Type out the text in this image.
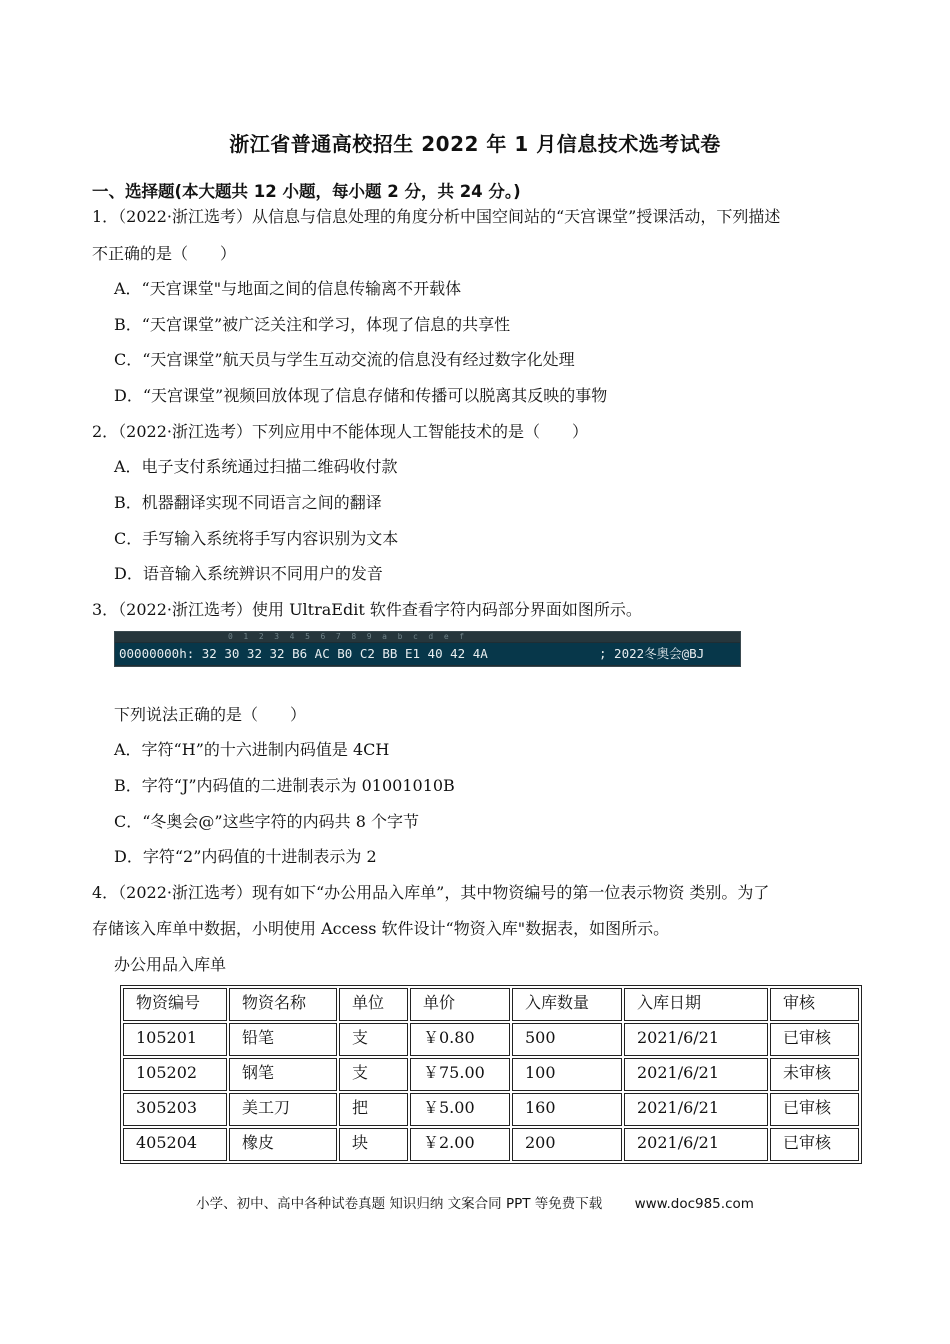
浙江省普通高校招生 2022 年 1 月信息技术选考试卷
一、选择题(本大题共 12 小题，每小题 2 分，共 24 分。)
1．（2022·浙江选考）从信息与信息处理的角度分析中国空间站的“天宫课堂”授课活动，下列描述
不正确的是（　　）
A．“天宫课堂"与地面之间的信息传输离不开载体
B．“天宫课堂”被广泛关注和学习，体现了信息的共享性
C．“天宫课堂”航天员与学生互动交流的信息没有经过数字化处理
D．“天宫课堂”视频回放体现了信息存储和传播可以脱离其反映的事物
2．（2022·浙江选考）下列应用中不能体现人工智能技术的是（　　）
A．电子支付系统通过扫描二维码收付款
B．机器翻译实现不同语言之间的翻译
C．手写输入系统将手写内容识别为文本
D．语音输入系统辨识不同用户的发音
3．（2022·浙江选考）使用 UltraEdit 软件查看字符内码部分界面如图所示。
0123456789abcdef
00000000h: 32 30 32 32 B6 AC B0 C2 BB E1 40 42 4A	; 2022冬奥会@BJ
下列说法正确的是（　　）
A．字符“H”的十六进制内码值是 4CH
B．字符“J”内码值的二进制表示为 01001010B
C．“冬奥会@”这些字符的内码共 8 个字节
D．字符“2”内码值的十进制表示为 2
4．（2022·浙江选考）现有如下“办公用品入库单”，其中物资编号的第一位表示物资 类别。为了
存储该入库单中数据，小明使用 Access 软件设计“物资入库"数据表，如图所示。
办公用品入库单
物资编号	物资名称	单位	单价	入库数量	入库日期	审核
105201	铅笔	支	￥0.80	500	2021/6/21	已审核
105202	钢笔	支	￥75.00	100	2021/6/21	未审核
305203	美工刀	把	￥5.00	160	2021/6/21	已审核
405204	橡皮	块	￥2.00	200	2021/6/21	已审核
小学、初中、高中各种试卷真题 知识归纳 文案合同 PPT 等免费下载 www.doc985.com
